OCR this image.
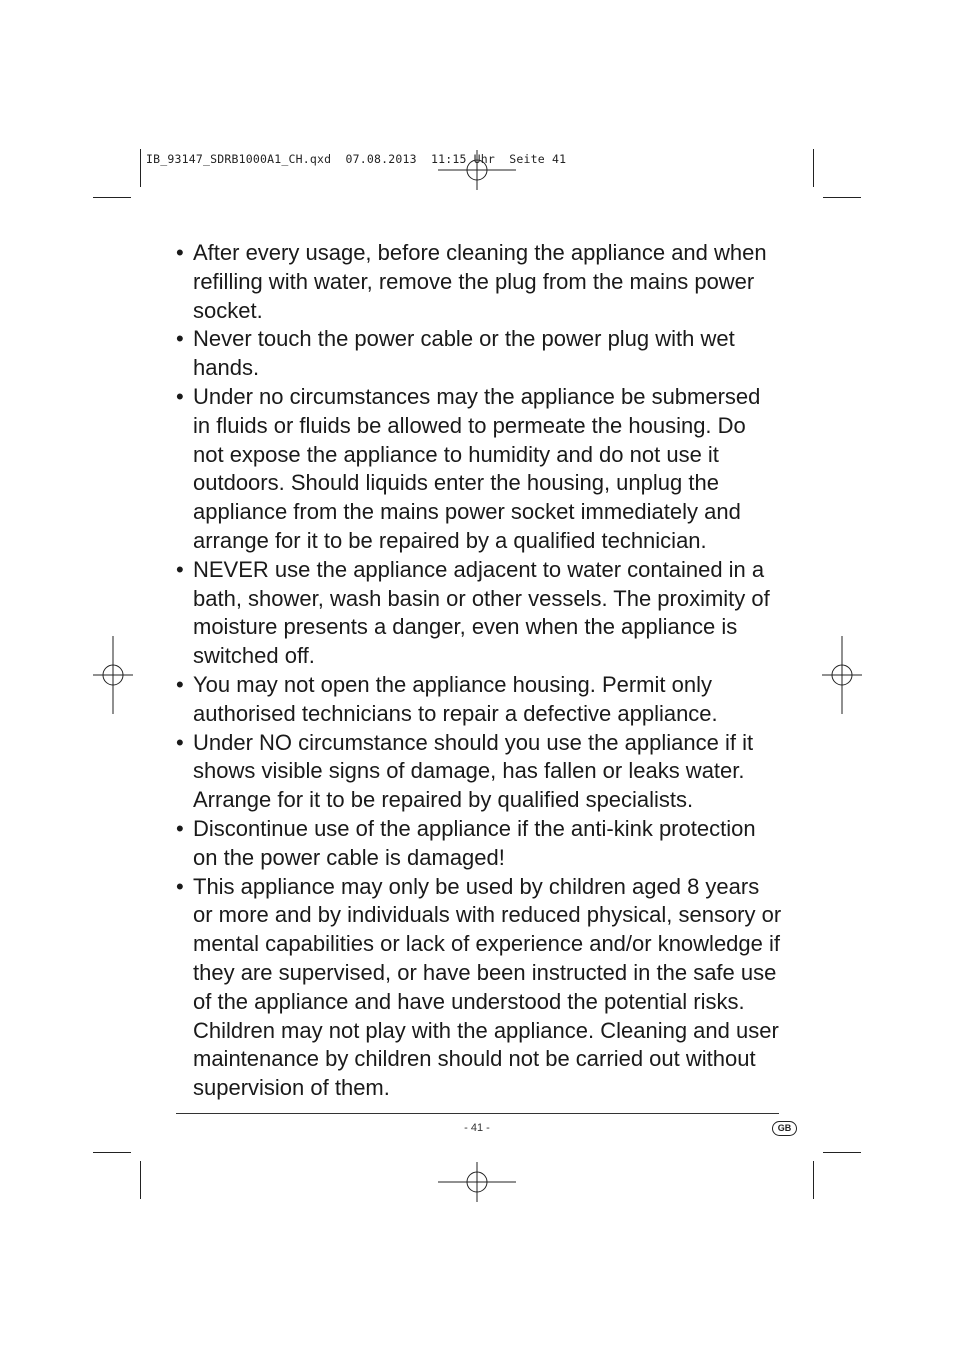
IB_93147_SDRB1000A1_CH.qxd  07.08.2013  11:15 Uhr  Seite 41
• After every usage, before cleaning the appliance and when refilling with water, remove the plug from the mains power socket.
• Never touch the power cable or the power plug with wet hands.
• Under no circumstances may the appliance be submersed in fluids or fluids be allowed to permeate the housing. Do not expose the appliance to humidity and do not use it outdoors. Should liquids enter the housing, unplug the appliance from the mains power socket immediately and arrange for it to be repaired by a qualified technician.
• NEVER use the appliance adjacent to water contained in a bath, shower, wash basin or other vessels. The proximity of moisture presents a danger, even when the appliance is switched off.
• You may not open the appliance housing. Permit only authorised technicians to repair a defective appliance.
• Under NO circumstance should you use the appliance if it shows visible signs of damage, has fallen or leaks water. Arrange for it to be repaired by qualified specialists.
• Discontinue use of the appliance if the anti-kink protection on the power cable is damaged!
• This appliance may only be used by children aged 8 years or more and by individuals with reduced physical, sensory or mental capabilities or lack of experience and/or knowledge if they are supervised, or have been instructed in the safe use of the appliance and have understood the potential risks. Children may not play with the appliance. Cleaning and user maintenance by children should not be carried out without supervision of them.
- 41 -	GB
